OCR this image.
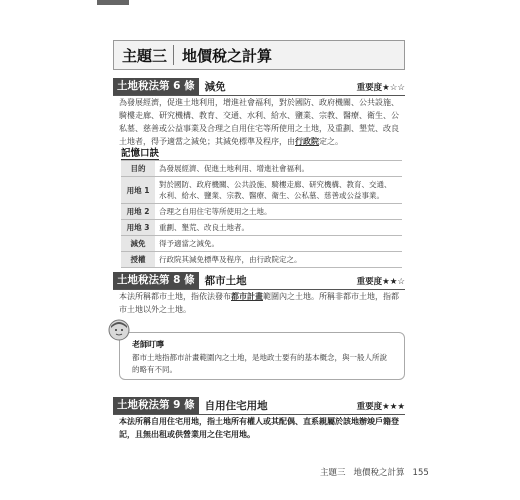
主題三	地價稅之計算
土地稅法第 6 條 減免	重要度★☆☆

為發展經濟，促進土地利用，增進社會福利，對於國防、政府機關、公共設施、騎樓走廊、研究機構、教育、交通、水利、給水、鹽業、宗教、醫療、衛生、公私墓、慈善或公益事業及合理之自用住宅等所使用之土地，及重劃、墾荒、改良土地者，得予適當之減免；其減免標準及程序，由行政院定之。

記憶口訣
目的	為發展經濟、促進土地利用、增進社會福利。
用地 1	對於國防、政府機關、公共設施、騎樓走廊、研究機構、教育、交通、水利、給水、鹽業、宗教、醫療、衛生、公私墓、慈善或公益事業。
用地 2	合理之自用住宅等所使用之土地。
用地 3	重劃、墾荒、改良土地者。
減免	得予適當之減免。
授權	行政院其減免標準及程序，由行政院定之。
土地稅法第 8 條 都市土地	重要度★★☆

本法所稱都市土地，指依法發布都市計畫範圍內之土地。所稱非都市土地，指都市土地以外之土地。

老師叮嚀

都市土地指都市計畫範圍內之土地，是地政士要有的基本概念，與一般人所說的略有不同。

土地稅法第 9 條 自用住宅用地	重要度★★★

本法所稱自用住宅用地，指土地所有權人或其配偶、直系親屬於該地辦竣戶籍登記，且無出租或供營業用之住宅用地。

主題三 地價稅之計算 155
